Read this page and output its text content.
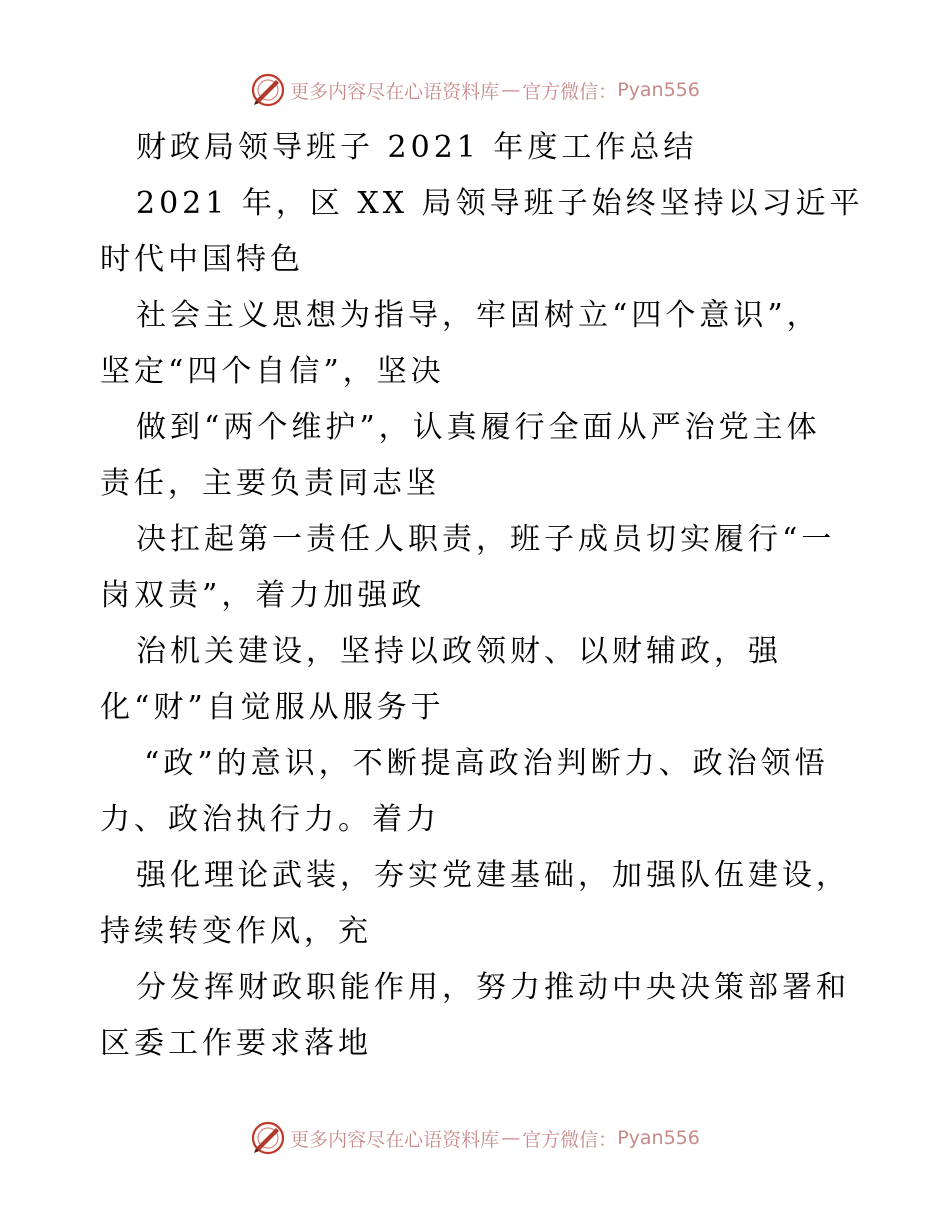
更多内容尽在心语资料库 — 官方微信： Pyan556
财政局领导班子 2021 年度工作总结
2021 年，区 XX 局领导班子始终坚持以习近平
时代中国特色
社会主义思想为指导，牢固树立“四个意识”，
坚定“四个自信”，坚决
做到“两个维护”，认真履行全面从严治党主体
责任，主要负责同志坚
决扛起第一责任人职责，班子成员切实履行“一
岗双责”，着力加强政
治机关建设，坚持以政领财、以财辅政，强
化“财”自觉服从服务于
“政”的意识，不断提高政治判断力、政治领悟
力、政治执行力。着力
强化理论武装，夯实党建基础，加强队伍建设，
持续转变作风，充
分发挥财政职能作用，努力推动中央决策部署和
区委工作要求落地
更多内容尽在心语资料库 — 官方微信： Pyan556
